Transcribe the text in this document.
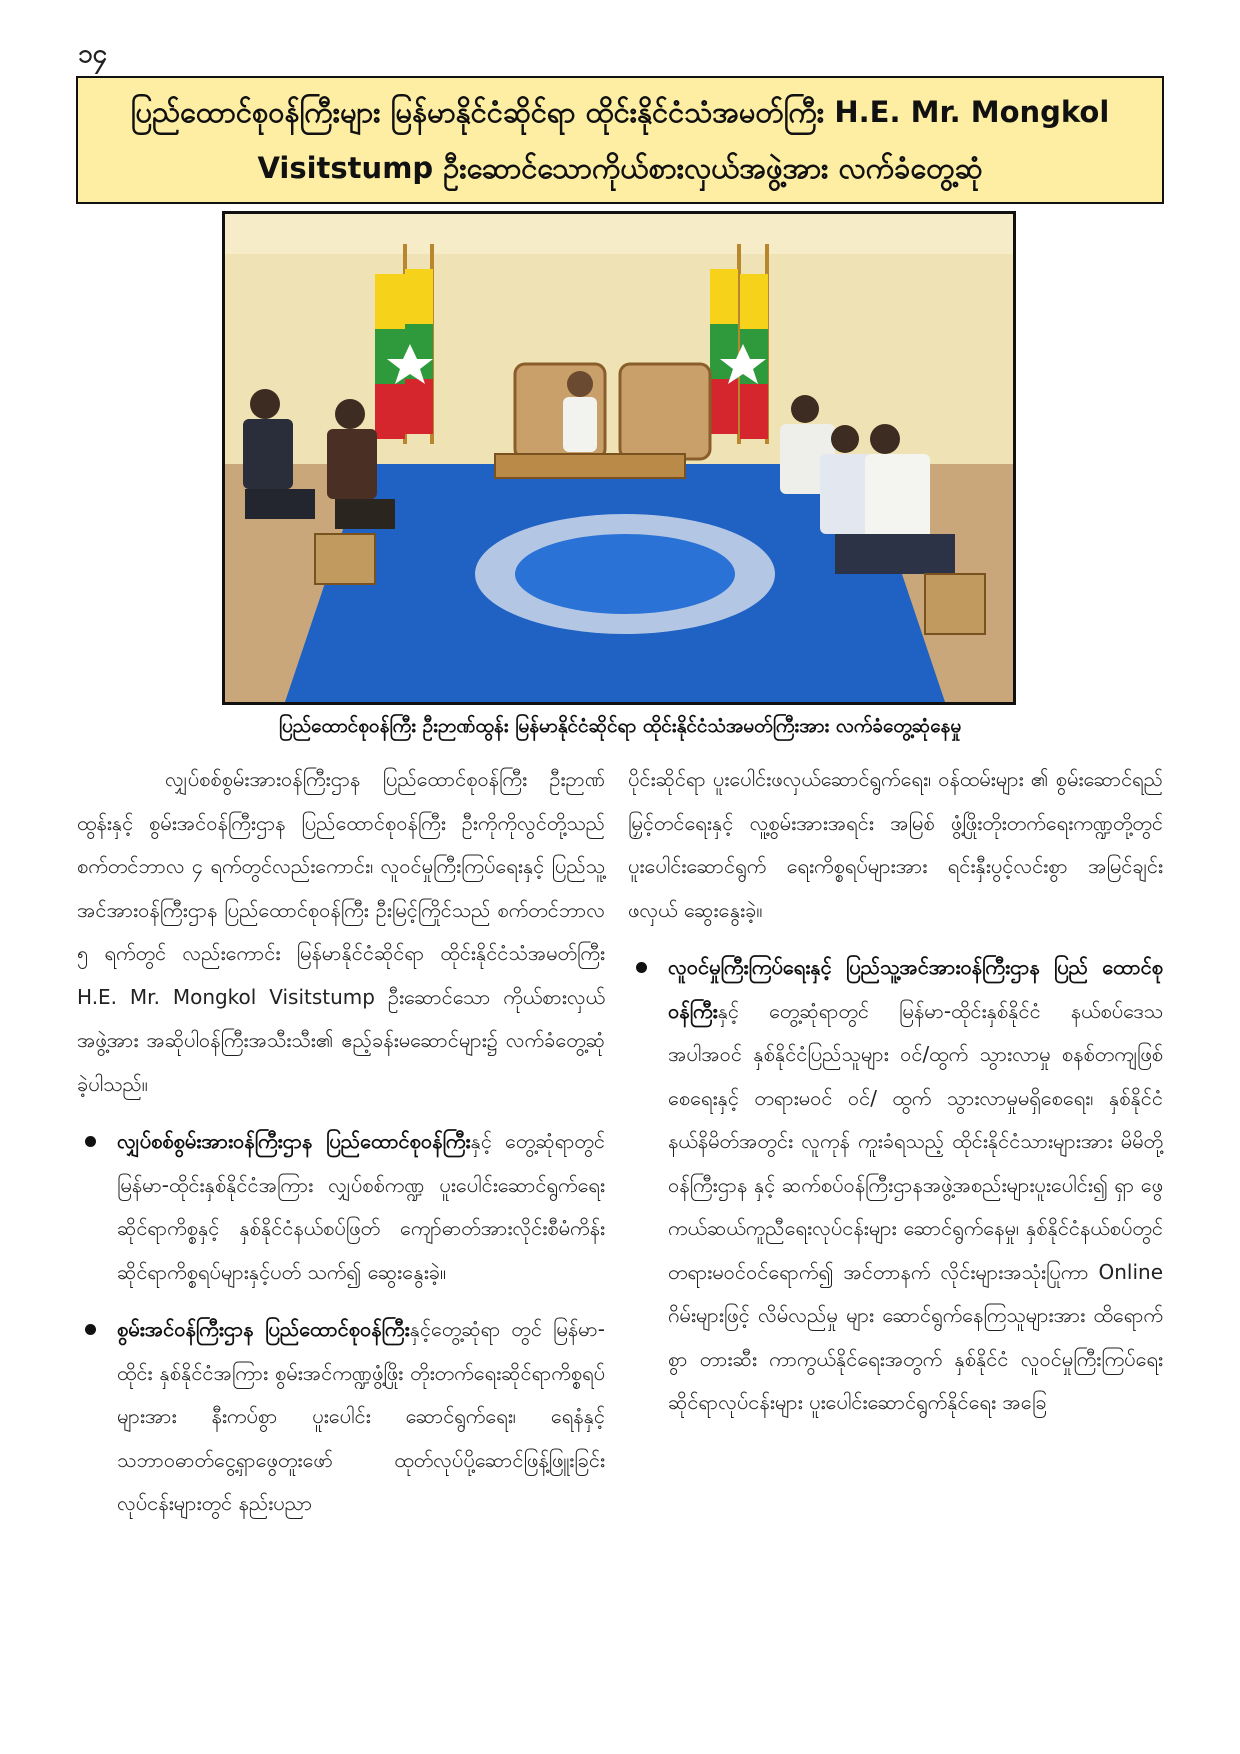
၁၄
ပြည်ထောင်စုဝန်ကြီးများ မြန်မာနိုင်ငံဆိုင်ရာ ထိုင်းနိုင်ငံသံအမတ်ကြီး H.E. Mr. Mongkol Visitstump ဦးဆောင်သောကိုယ်စားလှယ်အဖွဲ့အား လက်ခံတွေ့ဆုံ
ပြည်ထောင်စုဝန်ကြီး ဦးဉာဏ်ထွန်း မြန်မာနိုင်ငံဆိုင်ရာ ထိုင်းနိုင်ငံသံအမတ်ကြီးအား လက်ခံတွေ့ဆုံနေမှု

လျှပ်စစ်စွမ်းအားဝန်ကြီးဌာန ပြည်ထောင်စုဝန်ကြီး ဦးဉာဏ်ထွန်းနှင့် စွမ်းအင်ဝန်ကြီးဌာန ပြည်ထောင်စုဝန်ကြီး ဦးကိုကိုလွင်တို့သည် စက်တင်ဘာလ ၄ ရက်တွင်လည်းကောင်း၊ လူဝင်မှုကြီးကြပ်ရေးနှင့် ပြည်သူ့အင်အားဝန်ကြီးဌာန ပြည်ထောင်စုဝန်ကြီး ဦးမြင့်ကြိုင်သည် စက်တင်ဘာလ ၅ ရက်တွင် လည်းကောင်း မြန်မာနိုင်ငံဆိုင်ရာ ထိုင်းနိုင်ငံသံအမတ်ကြီး H.E. Mr. Mongkol Visitstump ဦးဆောင်သော ကိုယ်စားလှယ် အဖွဲ့အား အဆိုပါဝန်ကြီးအသီးသီး၏ ဧည့်ခန်းမဆောင်များ၌ လက်ခံတွေ့ဆုံခဲ့ပါသည်။

လျှပ်စစ်စွမ်းအားဝန်ကြီးဌာန ပြည်ထောင်စုဝန်ကြီးနှင့် တွေ့ဆုံရာတွင် မြန်မာ-ထိုင်းနှစ်နိုင်ငံအကြား လျှပ်စစ်ကဏ္ဍ ပူးပေါင်းဆောင်ရွက်ရေးဆိုင်ရာကိစ္စနှင့် နှစ်နိုင်ငံနယ်စပ်ဖြတ် ကျော်ဓာတ်အားလိုင်းစီမံကိန်းဆိုင်ရာကိစ္စရပ်များနှင့်ပတ် သက်၍ ဆွေးနွေးခဲ့။

စွမ်းအင်ဝန်ကြီးဌာန ပြည်ထောင်စုဝန်ကြီးနှင့်တွေ့ဆုံရာ တွင် မြန်မာ-ထိုင်း နှစ်နိုင်ငံအကြား စွမ်းအင်ကဏ္ဍဖွံ့ဖြိုး တိုးတက်ရေးဆိုင်ရာကိစ္စရပ်များအား နီးကပ်စွာ ပူးပေါင်း ဆောင်ရွက်ရေး၊ ရေနံနှင့်သဘာဝဓာတ်ငွေ့ရှာဖွေတူးဖော် ထုတ်လုပ်ပို့ဆောင်ဖြန့်ဖြူးခြင်းလုပ်ငန်းများတွင် နည်းပညာ

ပိုင်းဆိုင်ရာ ပူးပေါင်းဖလှယ်ဆောင်ရွက်ရေး၊ ဝန်ထမ်းများ ၏ စွမ်းဆောင်ရည်မြှင့်တင်ရေးနှင့် လူ့စွမ်းအားအရင်း အမြစ် ဖွံ့ဖြိုးတိုးတက်ရေးကဏ္ဍတို့တွင် ပူးပေါင်းဆောင်ရွက် ရေးကိစ္စရပ်များအား ရင်းနှီးပွင့်လင်းစွာ အမြင်ချင်းဖလှယ် ဆွေးနွေးခဲ့။

လူဝင်မှုကြီးကြပ်ရေးနှင့် ပြည်သူ့အင်အားဝန်ကြီးဌာန ပြည် ထောင်စုဝန်ကြီးနှင့် တွေ့ဆုံရာတွင် မြန်မာ-ထိုင်းနှစ်နိုင်ငံ နယ်စပ်ဒေသအပါအဝင် နှစ်နိုင်ငံပြည်သူများ ဝင်/ထွက် သွားလာမှု စနစ်တကျဖြစ်စေရေးနှင့် တရားမဝင် ဝင်/ ထွက် သွားလာမှုမရှိစေရေး၊ နှစ်နိုင်ငံနယ်နိမိတ်အတွင်း လူကုန် ကူးခံရသည့် ထိုင်းနိုင်ငံသားများအား မိမိတို့ဝန်ကြီးဌာန နှင့် ဆက်စပ်ဝန်ကြီးဌာနအဖွဲ့အစည်းများပူးပေါင်း၍ ရှာ ဖွေကယ်ဆယ်ကူညီရေးလုပ်ငန်းများ ဆောင်ရွက်နေမှု၊ နှစ်နိုင်ငံနယ်စပ်တွင် တရားမဝင်ဝင်ရောက်၍ အင်တာနက် လိုင်းများအသုံးပြုကာ Online ဂိမ်းများဖြင့် လိမ်လည်မှု များ ဆောင်ရွက်နေကြသူများအား ထိရောက်စွာ တားဆီး ကာကွယ်နိုင်ရေးအတွက် နှစ်နိုင်ငံ လူဝင်မှုကြီးကြပ်ရေး ဆိုင်ရာလုပ်ငန်းများ ပူးပေါင်းဆောင်ရွက်နိုင်ရေး အခြေ
